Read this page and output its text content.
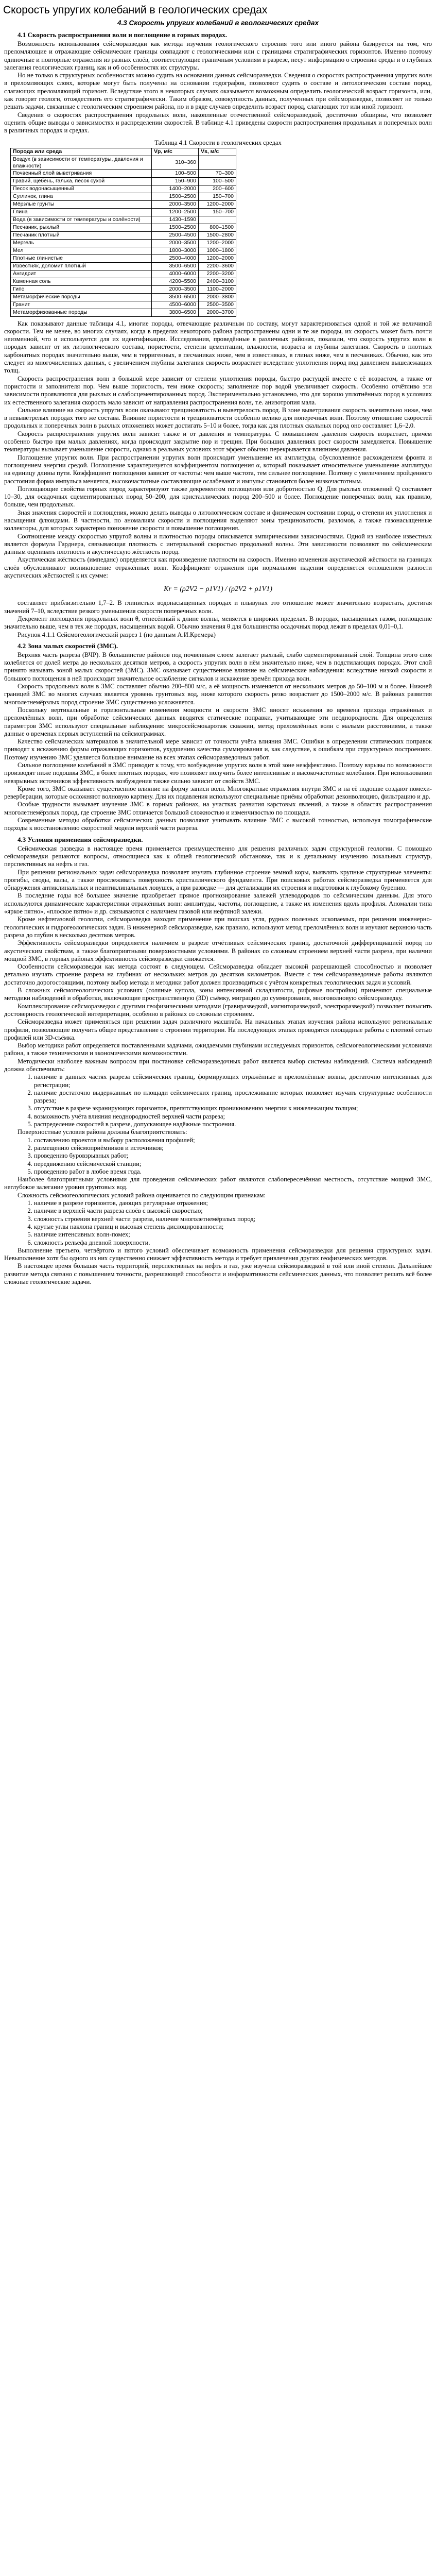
Скорость упругих колебаний в геологических средах
4.3 Скорость упругих колебаний в геологических средах
4.1 Скорость распространения волн и поглощение в горных породах.

Возможность использования сейсморазведки как метода изучения геологического строения того или иного района базируется на том, что преломляющие и отражающие сейсмические границы совпадают с геологическими или с границами стратиграфических горизонтов. Именно поэтому одиночные и повторные отражения из разных слоёв, соответствующие граничным условиям в разрезе, несут информацию о строении среды и о глубинах залегания геологических границ, как и об особенностях их структуры.

Но не только в структурных особенностях можно судить на основании данных сейсморазведки. Сведения о скоростях распространения упругих волн в преломляющих слоях, которые могут быть получены на основании годографов, позволяют судить о составе и литологическом составе пород, слагающих преломляющий горизонт. Вследствие этого в некоторых случаях оказывается возможным определить геологический возраст горизонта, или, как говорят геологи, отождествить его стратиграфически. Таким образом, совокупность данных, полученных при сейсморазведке, позволяет не только решать задачи, связанные с геологическим строением района, но и в ряде случаев определить возраст пород, слагающих тот или иной горизонт.

Сведения о скоростях распространения продольных волн, накопленные отечественной сейсморазведкой, достаточно обширны, что позволяет оценить общие выводы о зависимостях и распределении скоростей. В таблице 4.1 приведены скорости распространения продольных и поперечных волн в различных породах и средах.

Таблица 4.1 Скорости в геологических средах
Порода или среда	Vp, м/с	Vs, м/с
Воздух (в зависимости от температуры, давления и влажности)	310–360	
Почвенный слой выветривания	100–500	70–300
Гравий, щебень, галька, песок сухой	150–900	100–500
Песок водонасыщенный	1400–2000	200–600
Суглинок, глина	1500–2500	150–700
Мёрзлые грунты	2000–3500	1200–2000
Глина	1200–2500	150–700
Вода (в зависимости от температуры и солёности)	1430–1590	
Песчаник, рыхлый	1500–2500	800–1500
Песчаник плотный	2500–4500	1500–2800
Мергель	2000–3500	1200–2000
Мел	1800–3000	1000–1800
Плотные глинистые	2500–4000	1200–2000
Известняк, доломит плотный	3500–6500	2200–3600
Ангидрит	4000–6000	2200–3200
Каменная соль	4200–5500	2400–3100
Гипс	2000–3500	1100–2000
Метаморфические породы	3500–6500	2000–3800
Гранит	4500–6000	2500–3500
Метаморфизованные породы	3800–6500	2000–3700

Как показывают данные таблицы 4.1, многие породы, отвечающие различным по составу, могут характеризоваться одной и той же величиной скорости. Тем не менее, во многих случаях, когда в пределах некоторого района распространены одни и те же породы, их скорость может быть почти неизменной, что и используется для их идентификации. Исследования, проведённые в различных районах, показали, что скорость упругих волн в породах зависит от их литологического состава, пористости, степени цементации, влажности, возраста и глубины залегания. Скорость в плотных карбонатных породах значительно выше, чем в терригенных, в песчаниках ниже, чем в известняках, в глинах ниже, чем в песчаниках. Обычно, как это следует из многочисленных данных, с увеличением глубины залегания скорость возрастает вследствие уплотнения пород под давлением вышележащих толщ.

Скорость распространения волн в большой мере зависит от степени уплотнения породы, быстро растущей вместе с её возрастом, а также от пористости и заполнителя пор. Чем выше пористость, тем ниже скорость; заполнение пор водой увеличивает скорость. Особенно отчётливо эти зависимости проявляются для рыхлых и слабосцементированных пород. Экспериментально установлено, что для хорошо уплотнённых пород в условиях их естественного залегания скорость мало зависит от направления распространения волн, т.е. анизотропия мала.

Сильное влияние на скорость упругих волн оказывают трещиноватость и выветрелость пород. В зоне выветривания скорость значительно ниже, чем в невыветрелых породах того же состава. Влияние пористости и трещиноватости особенно велико для поперечных волн. Поэтому отношение скоростей продольных и поперечных волн в рыхлых отложениях может достигать 5–10 и более, тогда как для плотных скальных пород оно составляет 1,6–2,0.

Скорость распространения упругих волн зависит также и от давления и температуры. С повышением давления скорость возрастает, причём особенно быстро при малых давлениях, когда происходит закрытие пор и трещин. При больших давлениях рост скорости замедляется. Повышение температуры вызывает уменьшение скорости, однако в реальных условиях этот эффект обычно перекрывается влиянием давления.

Поглощение упругих волн. При распространении упругих волн происходит уменьшение их амплитуды, обусловленное расхождением фронта и поглощением энергии средой. Поглощение характеризуется коэффициентом поглощения α, который показывает относительное уменьшение амплитуды на единицу длины пути. Коэффициент поглощения зависит от частоты: чем выше частота, тем сильнее поглощение. Поэтому с увеличением пройденного расстояния форма импульса меняется, высокочастотные составляющие ослабевают и импульс становится более низкочастотным.

Поглощающие свойства горных пород характеризуют также декрементом поглощения или добротностью Q. Для рыхлых отложений Q составляет 10–30, для осадочных сцементированных пород 50–200, для кристаллических пород 200–500 и более. Поглощение поперечных волн, как правило, больше, чем продольных.

Зная значения скоростей и поглощения, можно делать выводы о литологическом составе и физическом состоянии пород, о степени их уплотнения и насыщения флюидами. В частности, по аномалиям скорости и поглощения выделяют зоны трещиноватости, разломов, а также газонасыщенные коллекторы, для которых характерно понижение скорости и повышение поглощения.

Соотношение между скоростью упругой волны и плотностью породы описывается эмпирическими зависимостями. Одной из наиболее известных является формула Гарднера, связывающая плотность с интервальной скоростью продольной волны. Эти зависимости позволяют по сейсмическим данным оценивать плотность и акустическую жёсткость пород.

Акустическая жёсткость (импеданс) определяется как произведение плотности на скорость. Именно изменения акустической жёсткости на границах слоёв обусловливают возникновение отражённых волн. Коэффициент отражения при нормальном падении определяется отношением разности акустических жёсткостей к их сумме:

Кr = (ρ2V2 − ρ1V1) / (ρ2V2 + ρ1V1)

составляет приблизительно 1,7–2. В глинистых водонасыщенных породах и плывунах это отношение может значительно возрастать, достигая значений 7–10, вследствие резкого уменьшения скорости поперечных волн.

Декремент поглощения продольных волн θ, отнесённый к длине волны, меняется в широких пределах. В породах, насыщенных газом, поглощение значительно выше, чем в тех же породах, насыщенных водой. Обычно значения θ для большинства осадочных пород лежат в пределах 0,01–0,1.

Рисунок 4.1.1 Сейсмогеологический разрез 1 (по данным А.И.Кремера)

4.2 Зона малых скоростей (ЗМС).

Верхняя часть разреза (ВЧР). В большинстве районов под почвенным слоем залегает рыхлый, слабо сцементированный слой. Толщина этого слоя колеблется от долей метра до нескольких десятков метров, а скорость упругих волн в нём значительно ниже, чем в подстилающих породах. Этот слой принято называть зоной малых скоростей (ЗМС). ЗМС оказывает существенное влияние на сейсмические наблюдения: вследствие низкой скорости и большого поглощения в ней происходит значительное ослабление сигналов и искажение времён прихода волн.

Скорость продольных волн в ЗМС составляет обычно 200–800 м/с, а её мощность изменяется от нескольких метров до 50–100 м и более. Нижней границей ЗМС во многих случаях является уровень грунтовых вод, ниже которого скорость резко возрастает до 1500–2000 м/с. В районах развития многолетнемёрзлых пород строение ЗМС существенно усложняется.

Поскольку вертикальные и горизонтальные изменения мощности и скорости ЗМС вносят искажения во времена прихода отражённых и преломлённых волн, при обработке сейсмических данных вводятся статические поправки, учитывающие эти неоднородности. Для определения параметров ЗМС используют специальные наблюдения: микросейсмокаротаж скважин, метод преломлённых волн с малыми расстояниями, а также данные о временах первых вступлений на сейсмограммах.

Качество сейсмических материалов в значительной мере зависит от точности учёта влияния ЗМС. Ошибки в определении статических поправок приводят к искажению формы отражающих горизонтов, ухудшению качества суммирования и, как следствие, к ошибкам при структурных построениях. Поэтому изучению ЗМС уделяется большое внимание на всех этапах сейсморазведочных работ.

Сильное поглощение колебаний в ЗМС приводит к тому, что возбуждение упругих волн в этой зоне неэффективно. Поэтому взрывы по возможности производят ниже подошвы ЗМС, в более плотных породах, что позволяет получить более интенсивные и высокочастотные колебания. При использовании невзрывных источников эффективность возбуждения также сильно зависит от свойств ЗМС.

Кроме того, ЗМС оказывает существенное влияние на форму записи волн. Многократные отражения внутри ЗМС и на её подошве создают помехи-реверберации, которые осложняют волновую картину. Для их подавления используют специальные приёмы обработки: деконволюцию, фильтрацию и др.

Особые трудности вызывает изучение ЗМС в горных районах, на участках развития карстовых явлений, а также в областях распространения многолетнемёрзлых пород, где строение ЗМС отличается большой сложностью и изменчивостью по площади.

Современные методы обработки сейсмических данных позволяют учитывать влияние ЗМС с высокой точностью, используя томографические подходы к восстановлению скоростной модели верхней части разреза.

4.3 Условия применения сейсморазведки.

Сейсмическая разведка в настоящее время применяется преимущественно для решения различных задач структурной геологии. С помощью сейсморазведки решаются вопросы, относящиеся как к общей геологической обстановке, так и к детальному изучению локальных структур, перспективных на нефть и газ.

При решении региональных задач сейсморазведка позволяет изучать глубинное строение земной коры, выявлять крупные структурные элементы: прогибы, своды, валы, а также прослеживать поверхность кристаллического фундамента. При поисковых работах сейсморазведка применяется для обнаружения антиклинальных и неантиклинальных ловушек, а при разведке — для детализации их строения и подготовки к глубокому бурению.

В последние годы всё большее значение приобретает прямое прогнозирование залежей углеводородов по сейсмическим данным. Для этого используются динамические характеристики отражённых волн: амплитуды, частоты, поглощение, а также их изменения вдоль профиля. Аномалии типа «яркое пятно», «плоское пятно» и др. связываются с наличием газовой или нефтяной залежи.

Кроме нефтегазовой геологии, сейсморазведка находит применение при поисках угля, рудных полезных ископаемых, при решении инженерно-геологических и гидрогеологических задач. В инженерной сейсморазведке, как правило, используют метод преломлённых волн и изучают верхнюю часть разреза до глубин в несколько десятков метров.

Эффективность сейсморазведки определяется наличием в разрезе отчётливых сейсмических границ, достаточной дифференциацией пород по акустическим свойствам, а также благоприятными поверхностными условиями. В районах со сложным строением верхней части разреза, при наличии мощной ЗМС, в горных районах эффективность сейсморазведки снижается.

Особенности сейсморазведки как метода состоят в следующем. Сейсморазведка обладает высокой разрешающей способностью и позволяет детально изучать строение разреза на глубинах от нескольких метров до десятков километров. Вместе с тем сейсморазведочные работы являются достаточно дорогостоящими, поэтому выбор метода и методики работ должен производиться с учётом конкретных геологических задач и условий.

В сложных сейсмогеологических условиях (соляные купола, зоны интенсивной складчатости, рифовые постройки) применяют специальные методики наблюдений и обработки, включающие пространственную (3D) съёмку, миграцию до суммирования, многоволновую сейсморазведку.

Комплексирование сейсморазведки с другими геофизическими методами (гравиразведкой, магниторазведкой, электроразведкой) позволяет повысить достоверность геологической интерпретации, особенно в районах со сложным строением.

Сейсморазведка может применяться при решении задач различного масштаба. На начальных этапах изучения района используют региональные профили, позволяющие получить общее представление о строении территории. На последующих этапах проводятся площадные работы с плотной сетью профилей или 3D-съёмка.

Выбор методики работ определяется поставленными задачами, ожидаемыми глубинами исследуемых горизонтов, сейсмогеологическими условиями района, а также техническими и экономическими возможностями.

Методически наиболее важным вопросом при постановке сейсморазведочных работ является выбор системы наблюдений. Система наблюдений должна обеспечивать:

1. наличие в данных частях разреза сейсмических границ, формирующих отражённые и преломлённые волны, достаточно интенсивных для регистрации;
2. наличие достаточно выдержанных по площади сейсмических границ, прослеживание которых позволяет изучать структурные особенности разреза;
3. отсутствие в разрезе экранирующих горизонтов, препятствующих проникновению энергии к нижележащим толщам;
4. возможность учёта влияния неоднородностей верхней части разреза;
5. распределение скоростей в разрезе, допускающее надёжные построения.

Поверхностные условия района должны благоприятствовать:

1. составлению проектов и выбору расположения профилей;
2. размещению сейсмоприёмников и источников;
3. проведению буровзрывных работ;
4. передвижению сейсмической станции;
5. проведению работ в любое время года.

Наиболее благоприятными условиями для проведения сейсмических работ являются слабопересечённая местность, отсутствие мощной ЗМС, неглубокое залегание уровня грунтовых вод.

Сложность сейсмогеологических условий района оценивается по следующим признакам:

1. наличие в разрезе горизонтов, дающих регулярные отражения;
2. наличие в верхней части разреза слоёв с высокой скоростью;
3. сложность строения верхней части разреза, наличие многолетнемёрзлых пород;
4. крутые углы наклона границ и высокая степень дислоцированности;
5. наличие интенсивных волн-помех;
6. сложность рельефа дневной поверхности.

Выполнение третьего, четвёртого и пятого условий обеспечивает возможность применения сейсморазведки для решения структурных задач. Невыполнение хотя бы одного из них существенно снижает эффективность метода и требует привлечения других геофизических методов.

В настоящее время большая часть территорий, перспективных на нефть и газ, уже изучена сейсморазведкой в той или иной степени. Дальнейшее развитие метода связано с повышением точности, разрешающей способности и информативности сейсмических данных, что позволяет решать всё более сложные геологические задачи.
